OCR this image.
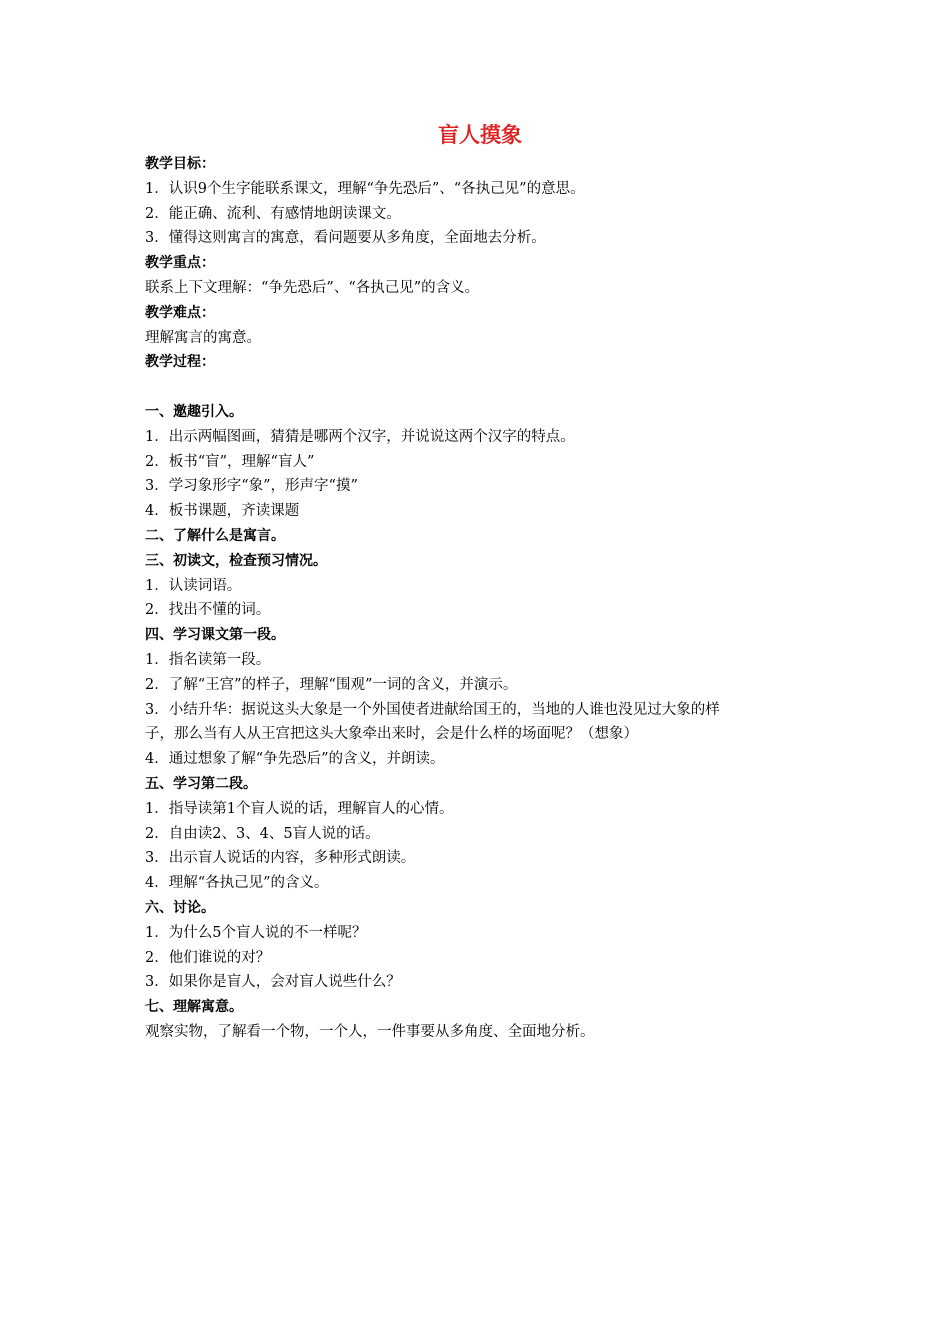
盲人摸象

教学目标：

1．认识9个生字能联系课文，理解“争先恐后”、“各执己见”的意思。

2．能正确、流利、有感情地朗读课文。

3．懂得这则寓言的寓意，看问题要从多角度，全面地去分析。

教学重点：

联系上下文理解：“争先恐后”、“各执己见”的含义。

教学难点：

理解寓言的寓意。

教学过程：

一、邀趣引入。

1．出示两幅图画，猜猜是哪两个汉字，并说说这两个汉字的特点。

2．板书“盲”，理解“盲人”

3．学习象形字“象”，形声字“摸”

4．板书课题，齐读课题

二、了解什么是寓言。

三、初读文，检查预习情况。

1．认读词语。

2．找出不懂的词。

四、学习课文第一段。

1．指名读第一段。

2．了解“王宫”的样子，理解“围观”一词的含义，并演示。

3．小结升华：据说这头大象是一个外国使者进献给国王的，当地的人谁也没见过大象的样

子，那么当有人从王宫把这头大象牵出来时，会是什么样的场面呢？（想象）

4．通过想象了解“争先恐后”的含义，并朗读。

五、学习第二段。

1．指导读第1个盲人说的话，理解盲人的心情。

2．自由读2、3、4、5盲人说的话。

3．出示盲人说话的内容，多种形式朗读。

4．理解“各执己见”的含义。

六、讨论。

1．为什么5个盲人说的不一样呢？

2．他们谁说的对？

3．如果你是盲人，会对盲人说些什么？

七、理解寓意。

观察实物，了解看一个物，一个人，一件事要从多角度、全面地分析。
